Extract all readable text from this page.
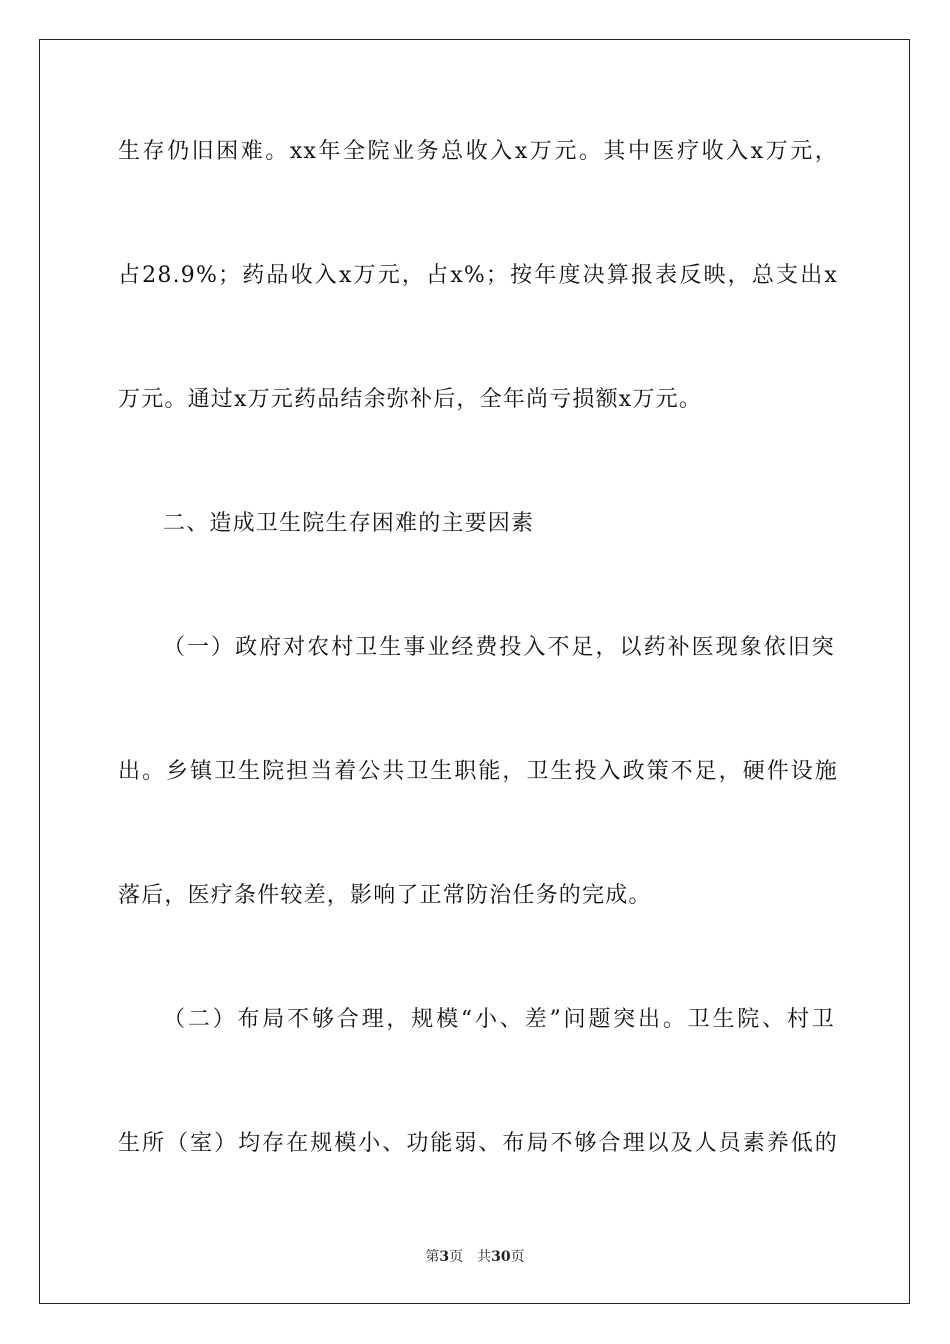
生存仍旧困难。xx年全院业务总收入x万元。其中医疗收入x万元，
占28.9%；药品收入x万元，占x%；按年度决算报表反映，总支出x
万元。通过x万元药品结余弥补后，全年尚亏损额x万元。
二、造成卫生院生存困难的主要因素
（一）政府对农村卫生事业经费投入不足，以药补医现象依旧突
出。乡镇卫生院担当着公共卫生职能，卫生投入政策不足，硬件设施
落后，医疗条件较差，影响了正常防治任务的完成。
（二）布局不够合理，规模“小、差”问题突出。卫生院、村卫
生所（室）均存在规模小、功能弱、布局不够合理以及人员素养低的
第3页 共30页
